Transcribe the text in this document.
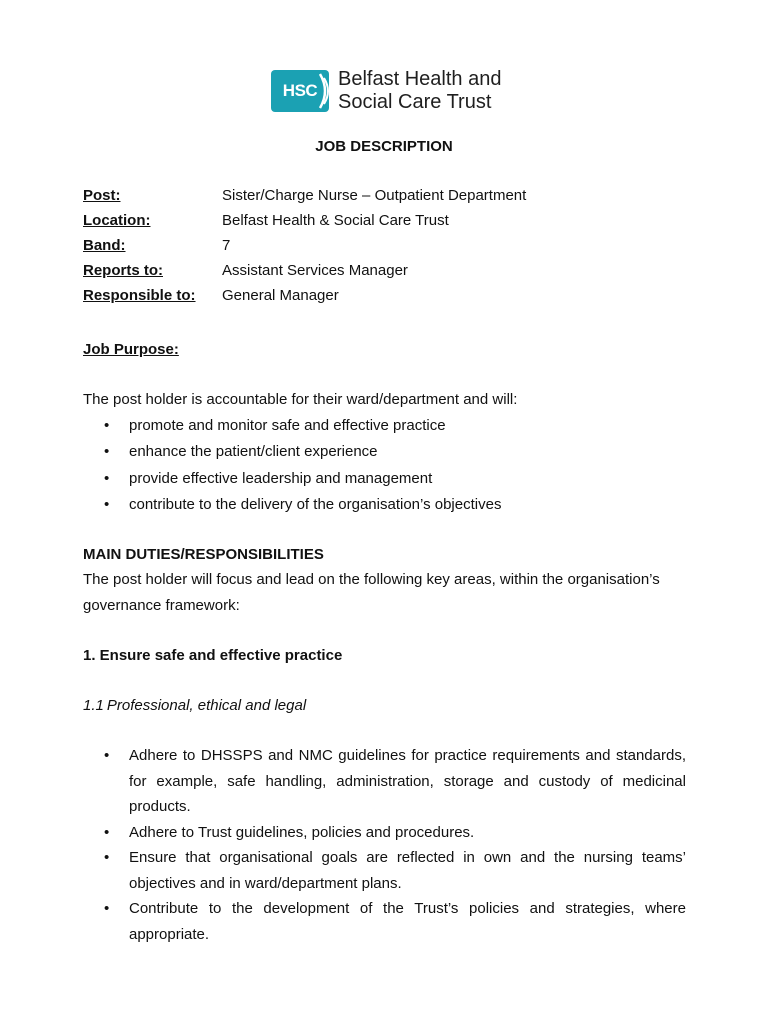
HSC
Belfast Health and
Social Care Trust
JOB DESCRIPTION
Post:	Sister/Charge Nurse – Outpatient Department
Location:	Belfast Health & Social Care Trust
Band:	7
Reports to:	Assistant Services Manager
Responsible to:	General Manager
Job Purpose:
The post holder is accountable for their ward/department and will:
• promote and monitor safe and effective practice
• enhance the patient/client experience
• provide effective leadership and management
• contribute to the delivery of the organisation’s objectives
MAIN DUTIES/RESPONSIBILITIES
The post holder will focus and lead on the following key areas, within the organisation’s governance framework:
1. Ensure safe and effective practice
1.1 Professional, ethical and legal
• Adhere to DHSSPS and NMC guidelines for practice requirements and standards, for example, safe handling, administration, storage and custody of medicinal products.
• Adhere to Trust guidelines, policies and procedures.
• Ensure that organisational goals are reflected in own and the nursing teams’ objectives and in ward/department plans.
• Contribute to the development of the Trust’s policies and strategies, where appropriate.
